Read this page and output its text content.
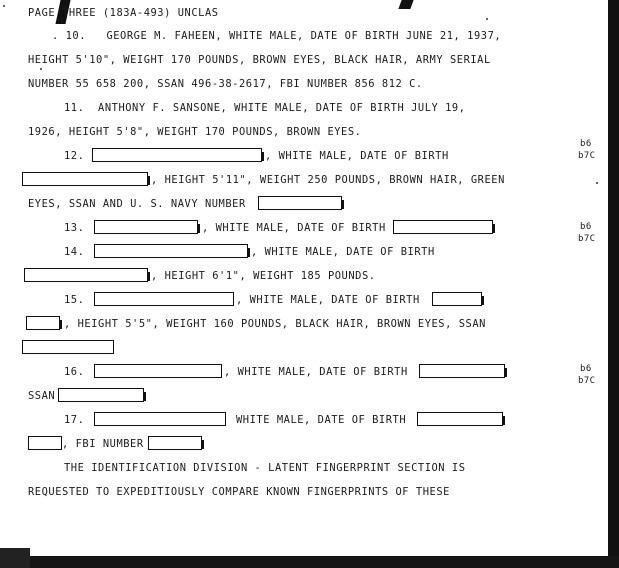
PAGE THREE (183A-493) UNCLAS
. 10.   GEORGE M. FAHEEN, WHITE MALE, DATE OF BIRTH JUNE 21, 1937,
HEIGHT 5'10", WEIGHT 170 POUNDS, BROWN EYES, BLACK HAIR, ARMY SERIAL
NUMBER 55 658 200, SSAN 496-38-2617, FBI NUMBER 856 812 C.
11.  ANTHONY F. SANSONE, WHITE MALE, DATE OF BIRTH JULY 19,
1926, HEIGHT 5'8", WEIGHT 170 POUNDS, BROWN EYES.
12.	, WHITE MALE, DATE OF BIRTH
, HEIGHT 5'11", WEIGHT 250 POUNDS, BROWN HAIR, GREEN
EYES, SSAN AND U. S. NAVY NUMBER
13.	, WHITE MALE, DATE OF BIRTH
14.	, WHITE MALE, DATE OF BIRTH
, HEIGHT 6'1", WEIGHT 185 POUNDS.
15.	, WHITE MALE, DATE OF BIRTH
, HEIGHT 5'5", WEIGHT 160 POUNDS, BLACK HAIR, BROWN EYES, SSAN
16.	, WHITE MALE, DATE OF BIRTH
SSAN
17.	WHITE MALE, DATE OF BIRTH
, FBI NUMBER
THE IDENTIFICATION DIVISION - LATENT FINGERPRINT SECTION IS
REQUESTED TO EXPEDITIOUSLY COMPARE KNOWN FINGERPRINTS OF THESE
b6
b7C
b6
b7C
b6
b7C
